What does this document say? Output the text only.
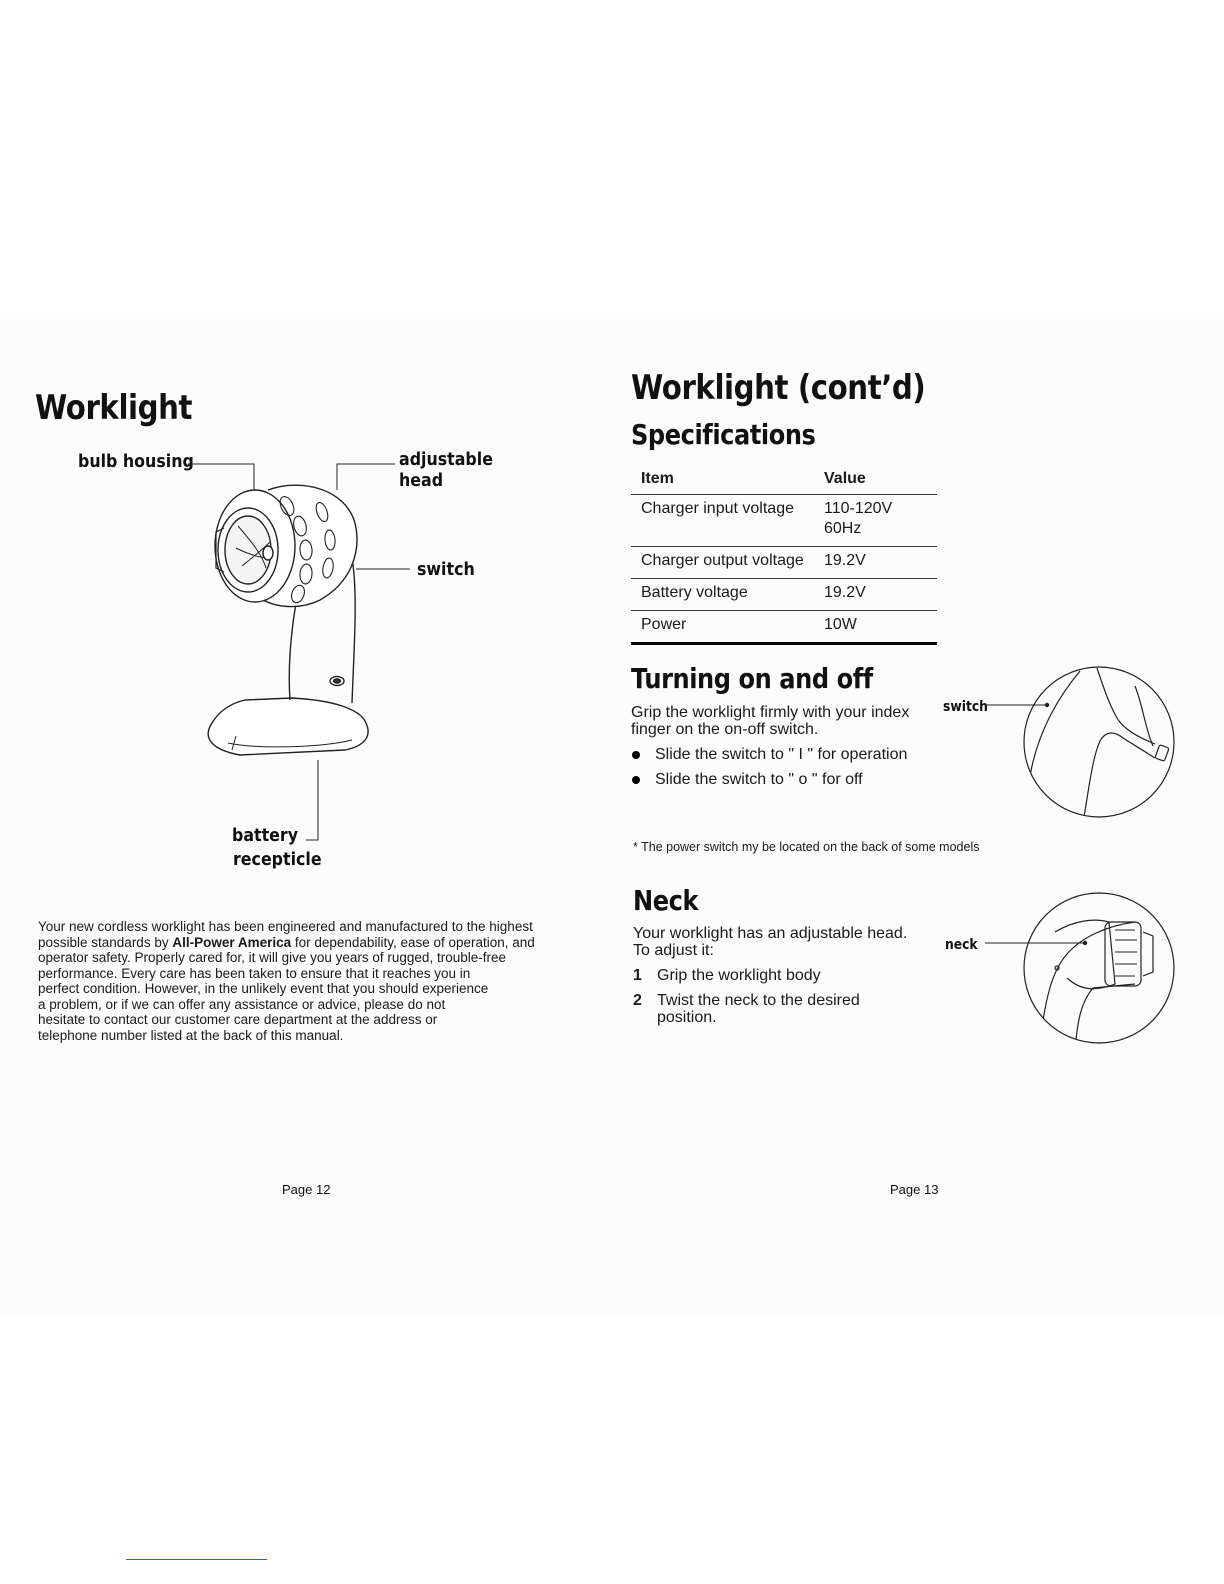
Worklight
bulb housing	adjustable
head
switch
battery
recepticle
Your new cordless worklight has been engineered and manufactured to the highest
possible standards by All-Power America for dependability, ease of operation, and
operator safety. Properly cared for, it will give you years of rugged, trouble-free
performance. Every care has been taken to ensure that it reaches you in
perfect condition. However, in the unlikely event that you should experience
a problem, or if we can offer any assistance or advice, please do not
hesitate to contact our customer care department at the address or
telephone number listed at the back of this manual.
Page 12
Worklight (cont’d)
Specifications
Item	Value
Charger input voltage	110-120V
60Hz
Charger output voltage	19.2V
Battery voltage	19.2V
Power	10W
Turning on and off
Grip the worklight firmly with your index
finger on the on-off switch.
Slide the switch to " I " for operation
Slide the switch to " o " for off
switch
* The power switch my be located on the back of some models
Neck
Your worklight has an adjustable head.
To adjust it:
1 Grip the worklight body
2 Twist the neck to the desired
position.
neck
Page 13
